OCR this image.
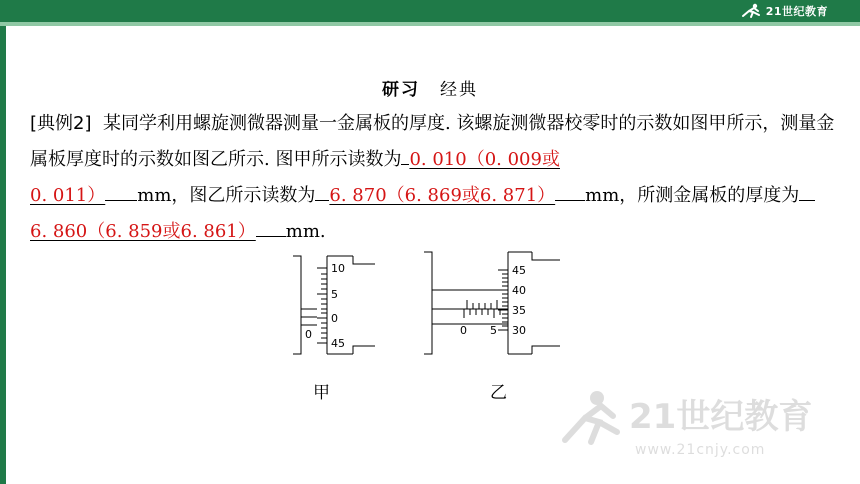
21世纪教育
研习 经典
[典例2] 某同学利用螺旋测微器测量一金属板的厚度. 该螺旋测微器校零时的示数如图甲所示，测量金属板厚度时的示数如图乙所示. 图甲所示读数为 0. 010（0. 009或
0. 011） mm，图乙所示读数为 6. 870（6. 869或6. 871） mm，所测金属板的厚度为6. 860（6. 859或6. 861） mm.
10
5
0
45
0
甲
45
40
35
30
0 5
乙
21世纪教育
www.21cnjy.com
